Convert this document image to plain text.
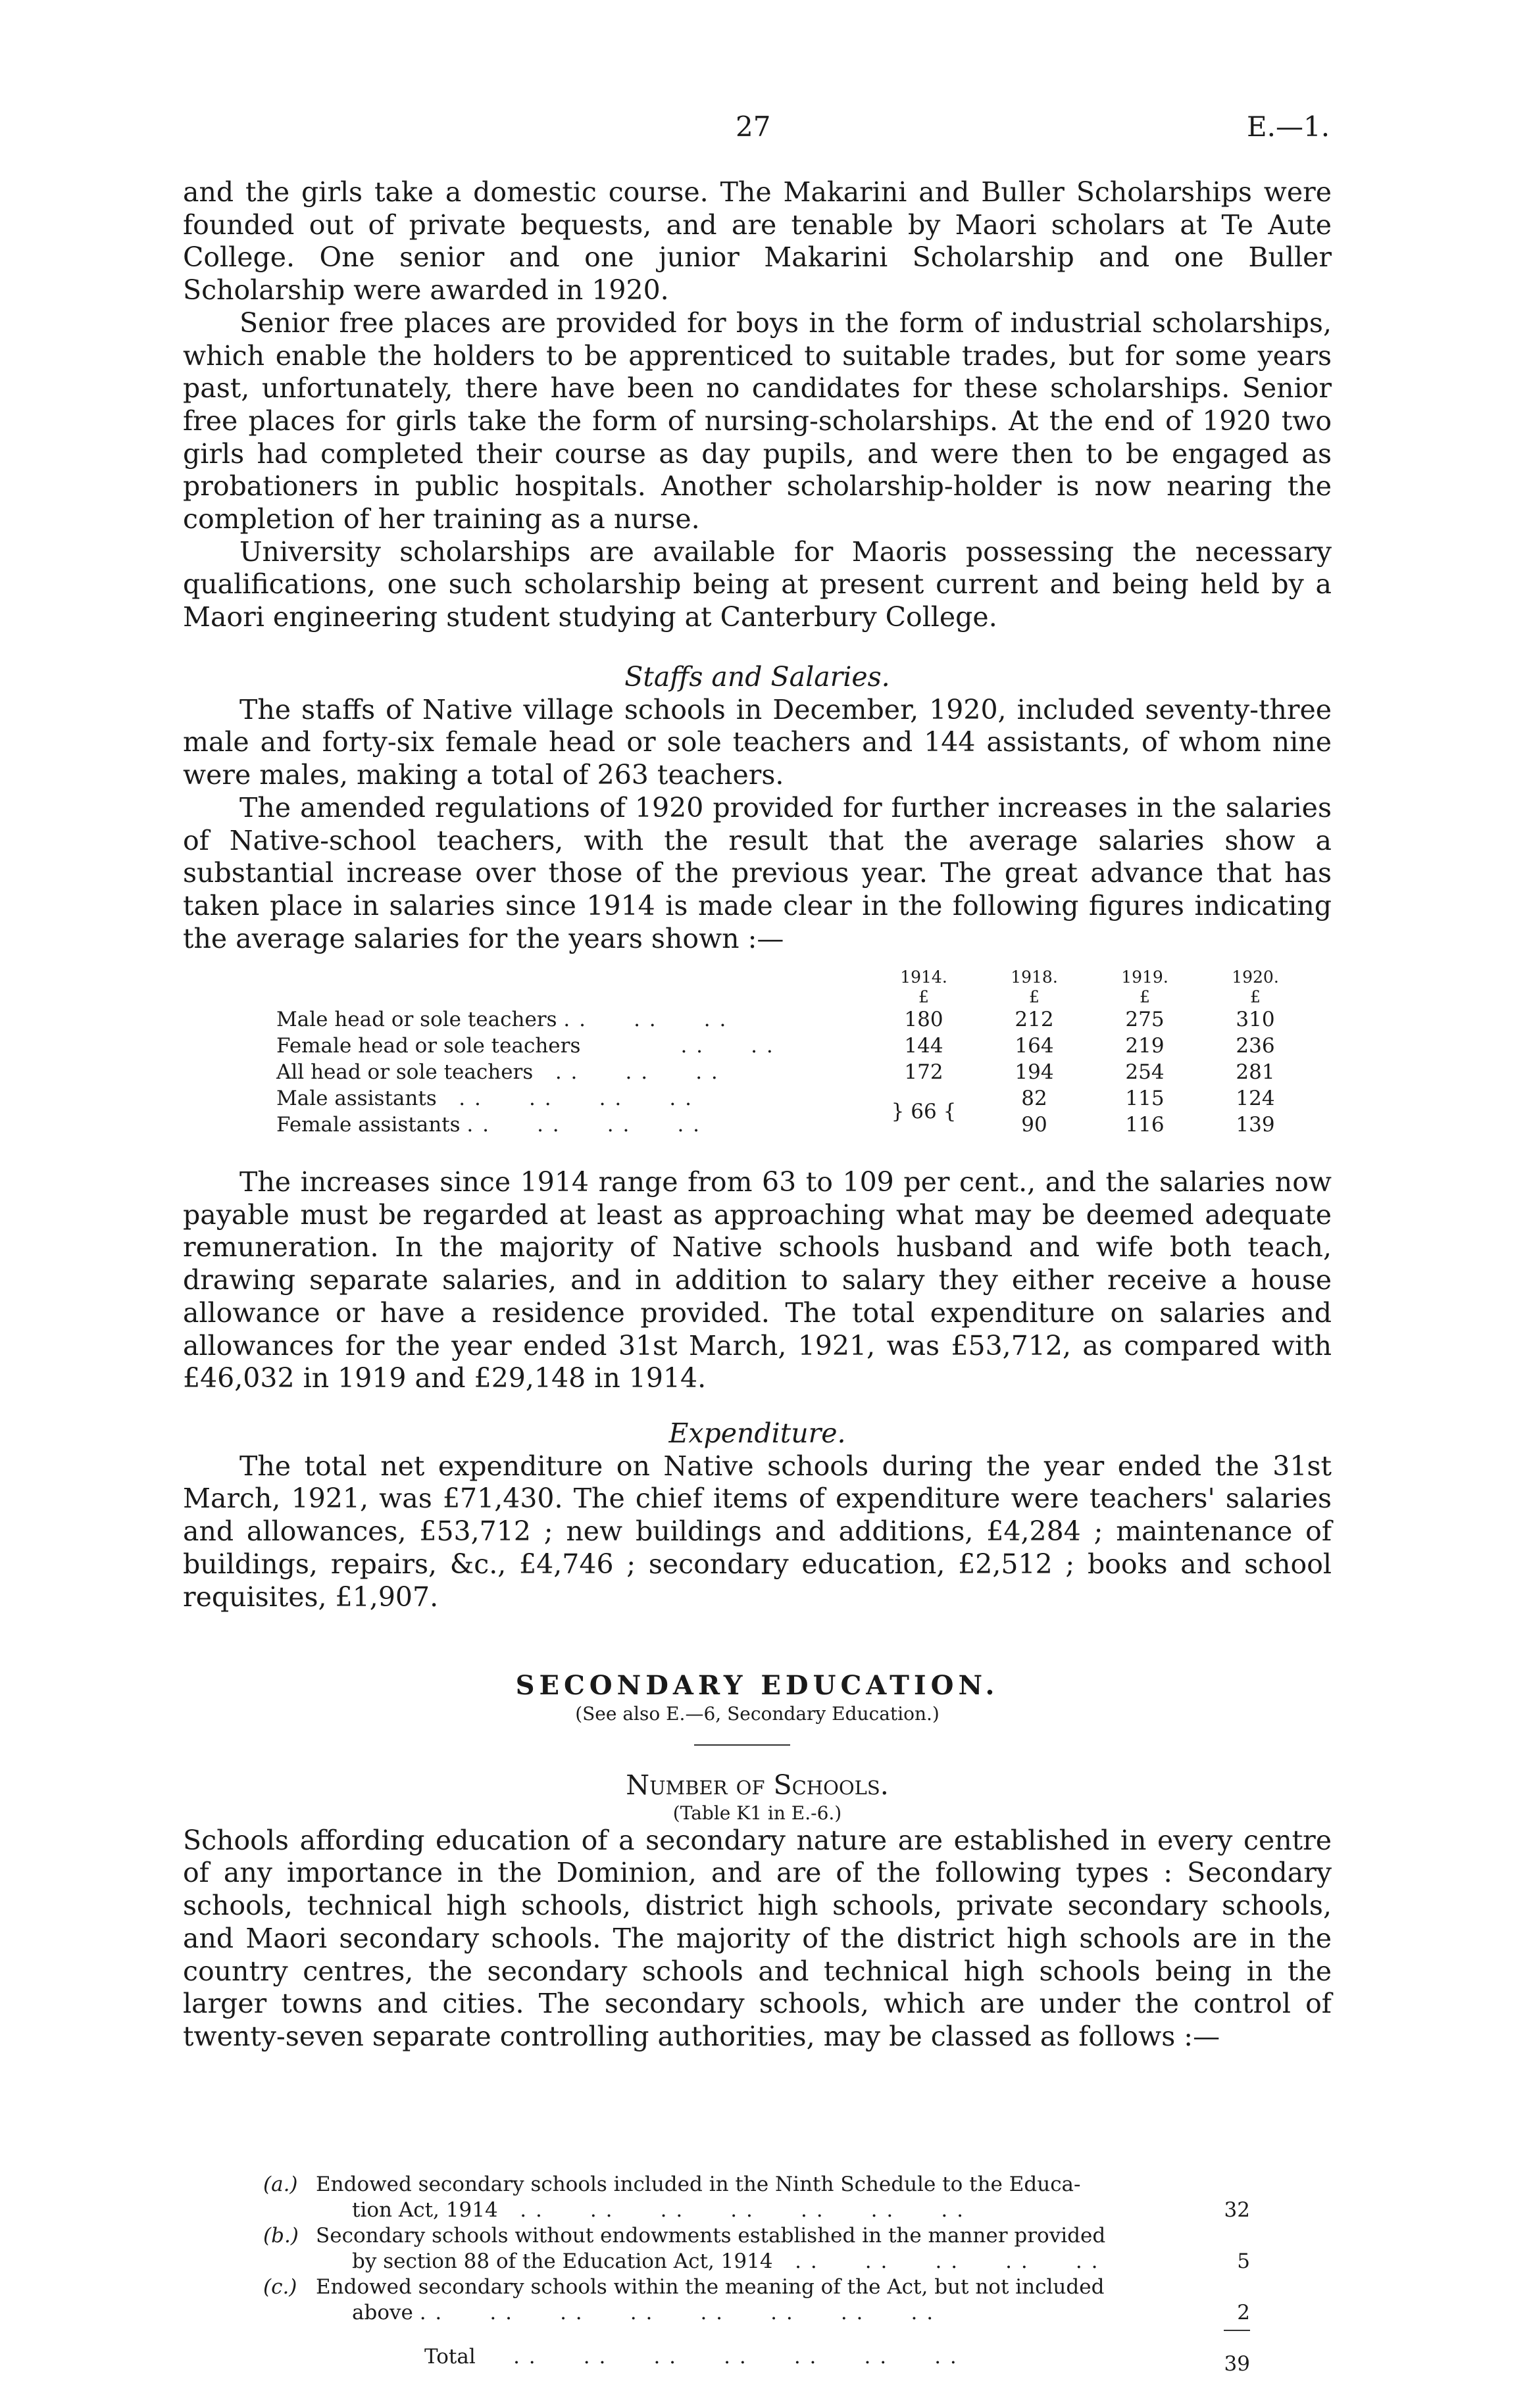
27	E.—1.

and the girls take a domestic course. The Makarini and Buller Scholarships were founded out of private bequests, and are tenable by Maori scholars at Te Aute College. One senior and one junior Makarini Scholarship and one Buller Scholarship were awarded in 1920.

Senior free places are provided for boys in the form of industrial scholarships, which enable the holders to be apprenticed to suitable trades, but for some years past, unfortunately, there have been no candidates for these scholarships. Senior free places for girls take the form of nursing-scholarships. At the end of 1920 two girls had completed their course as day pupils, and were then to be engaged as probationers in public hospitals. Another scholarship-holder is now nearing the completion of her training as a nurse.

University scholarships are available for Maoris possessing the necessary qualifications, one such scholarship being at present current and being held by a Maori engineering student studying at Canterbury College.

Staffs and Salaries.

The staffs of Native village schools in December, 1920, included seventy-three male and forty-six female head or sole teachers and 144 assistants, of whom nine were males, making a total of 263 teachers.

The amended regulations of 1920 provided for further increases in the salaries of Native-school teachers, with the result that the average salaries show a substantial increase over those of the previous year. The great advance that has taken place in salaries since 1914 is made clear in the following figures indicating the average salaries for the years shown :—

	1914.	1918.	1919.	1920.
	£	£	£	£
Male head or sole teachers . .      . .      . .	180	212	275	310
Female head or sole teachers             . .      . .	144	164	219	236
All head or sole teachers   . .      . .      . .	172	194	254	281
Male assistants   . .      . .      . .      . .	} 66 {	82	115	124
Female assistants . .      . .      . .      . .		90	116	139

The increases since 1914 range from 63 to 109 per cent., and the salaries now payable must be regarded at least as approaching what may be deemed adequate remuneration. In the majority of Native schools husband and wife both teach, drawing separate salaries, and in addition to salary they either receive a house allowance or have a residence provided. The total expenditure on salaries and allowances for the year ended 31st March, 1921, was £53,712, as compared with £46,032 in 1919 and £29,148 in 1914.

Expenditure.

The total net expenditure on Native schools during the year ended the 31st March, 1921, was £71,430. The chief items of expenditure were teachers' salaries and allowances, £53,712 ; new buildings and additions, £4,284 ; maintenance of buildings, repairs, &c., £4,746 ; secondary education, £2,512 ; books and school requisites, £1,907.

SECONDARY EDUCATION.

(See also E.—6, Secondary Education.)

Number of Schools.

(Table K1 in E.-6.)

Schools affording education of a secondary nature are established in every centre of any importance in the Dominion, and are of the following types : Secondary schools, technical high schools, district high schools, private secondary schools, and Maori secondary schools. The majority of the district high schools are in the country centres, the secondary schools and technical high schools being in the larger towns and cities. The secondary schools, which are under the control of twenty-seven separate controlling authorities, may be classed as follows :—

(a.) Endowed secondary schools included in the Ninth Schedule to the Educa-
tion Act, 1914   . .      . .      . .      . .      . .      . .      . .	32
(b.) Secondary schools without endowments established in the manner provided
by section 88 of the Education Act, 1914   . .      . .      . .      . .      . .	5
(c.) Endowed secondary schools within the meaning of the Act, but not included
above . .      . .      . .      . .      . .      . .      . .      . .	2
Total     . .      . .      . .      . .      . .      . .      . .	39
